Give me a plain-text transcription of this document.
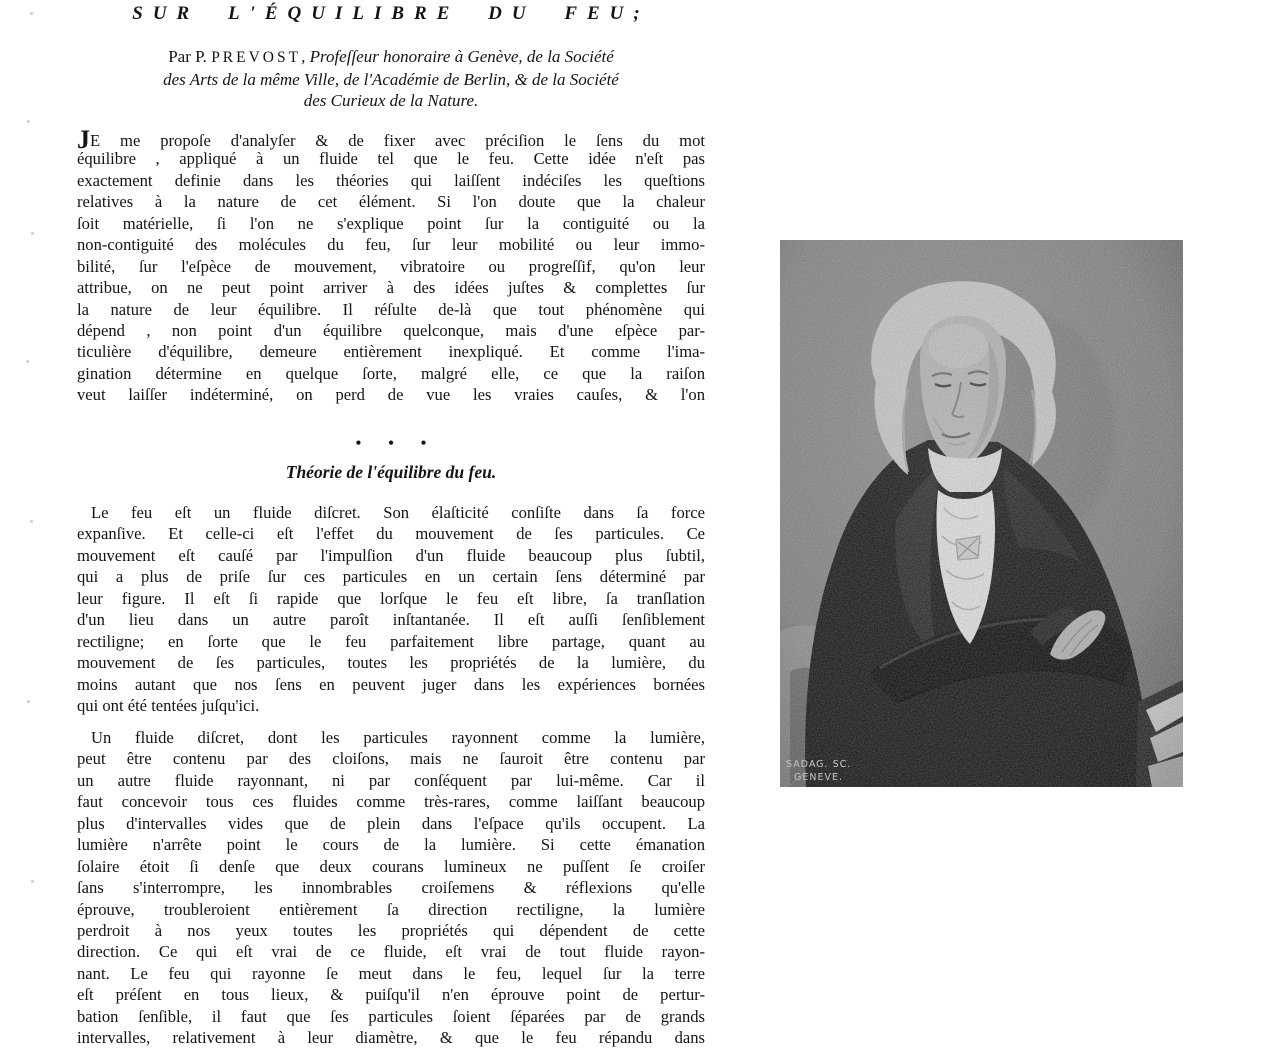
SUR L'ÉQUILIBRE DU FEU;
Par P. PREVOST, Profeſſeur honoraire à Genève, de la Société
des Arts de la même Ville, de l'Académie de Berlin, & de la Société
des Curieux de la Nature.
JE me propoſe d'analyſer & de fixer avec préciſion le ſens du mot
équilibre , appliqué à un fluide tel que le feu. Cette idée n'eſt pas
exactement definie dans les théories qui laiſſent indéciſes les queſtions
relatives à la nature de cet élément. Si l'on doute que la chaleur
ſoit matérielle, ſi l'on ne s'explique point ſur la contiguité ou la
non-contiguité des molécules du feu, ſur leur mobilité ou leur immo-
bilité, ſur l'eſpèce de mouvement, vibratoire ou progreſſif, qu'on leur
attribue, on ne peut point arriver à des idées juſtes & complettes ſur
la nature de leur équilibre. Il réſulte de-là que tout phénomène qui
dépend , non point d'un équilibre quelconque, mais d'une eſpèce par-
ticulière d'équilibre, demeure entièrement inexpliqué. Et comme l'ima-
gination détermine en quelque ſorte, malgré elle, ce que la raiſon
veut laiſſer indéterminé, on perd de vue les vraies cauſes, & l'on
•••
Théorie de l'équilibre du feu.
Le feu eſt un fluide diſcret. Son élaſticité conſiſte dans ſa force
expanſive. Et celle-ci eſt l'effet du mouvement de ſes particules. Ce
mouvement eſt cauſé par l'impulſion d'un fluide beaucoup plus ſubtil,
qui a plus de priſe ſur ces particules en un certain ſens déterminé par
leur figure. Il eſt ſi rapide que lorſque le feu eſt libre, ſa tranſlation
d'un lieu dans un autre paroît inſtantanée. Il eſt auſſi ſenſiblement
rectiligne; en ſorte que le feu parfaitement libre partage, quant au
mouvement de ſes particules, toutes les propriétés de la lumière, du
moins autant que nos ſens en peuvent juger dans les expériences bornées
qui ont été tentées juſqu'ici.
Un fluide diſcret, dont les particules rayonnent comme la lumière,
peut être contenu par des cloiſons, mais ne ſauroit être contenu par
un autre fluide rayonnant, ni par conſéquent par lui-même. Car il
faut concevoir tous ces fluides comme très-rares, comme laiſſant beaucoup
plus d'intervalles vides que de plein dans l'eſpace qu'ils occupent. La
lumière n'arrête point le cours de la lumière. Si cette émanation
ſolaire étoit ſi denſe que deux courans lumineux ne puſſent ſe croiſer
ſans s'interrompre, les innombrables croiſemens & réflexions qu'elle
éprouve, troubleroient entièrement ſa direction rectiligne, la lumière
perdroit à nos yeux toutes les propriétés qui dépendent de cette
direction. Ce qui eſt vrai de ce fluide, eſt vrai de tout fluide rayon-
nant. Le feu qui rayonne ſe meut dans le feu, lequel ſur la terre
eſt préſent en tous lieux, & puiſqu'il n'en éprouve point de pertur-
bation ſenſible, il faut que ſes particules ſoient ſéparées par de grands
intervalles, relativement à leur diamètre, & que le feu répandu dans
